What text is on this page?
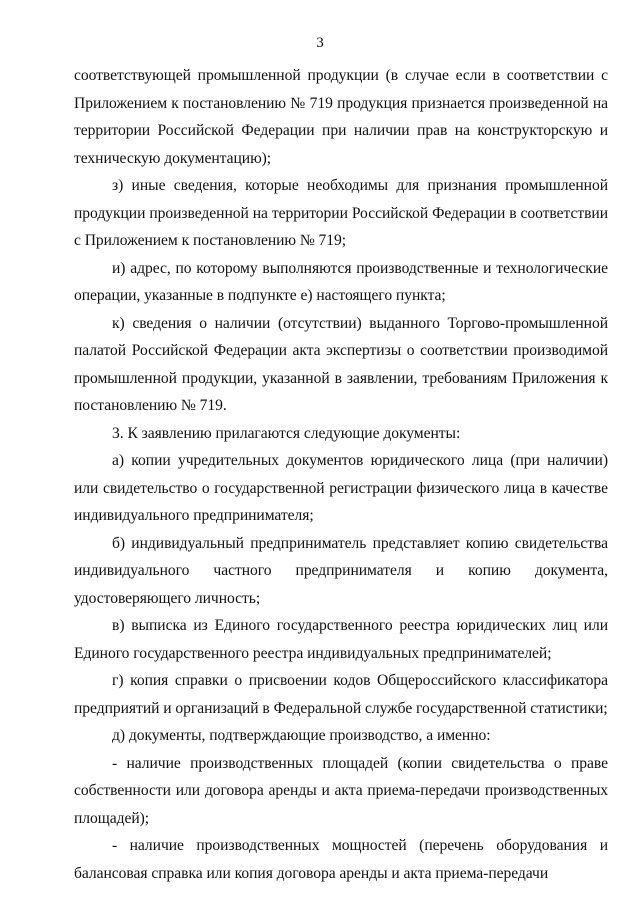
3

соответствующей промышленной продукции (в случае если в соответствии с Приложением к постановлению № 719 продукция признается произведенной на территории Российской Федерации при наличии прав на конструкторскую и техническую документацию);

з) иные сведения, которые необходимы для признания промышленной продукции произведенной на территории Российской Федерации в соответствии с Приложением к постановлению № 719;

и) адрес, по которому выполняются производственные и технологические операции, указанные в подпункте е) настоящего пункта;

к) сведения о наличии (отсутствии) выданного Торгово-промышленной палатой Российской Федерации акта экспертизы о соответствии производимой промышленной продукции, указанной в заявлении, требованиям Приложения к постановлению № 719.

3. К заявлению прилагаются следующие документы:

а) копии учредительных документов юридического лица (при наличии) или свидетельство о государственной регистрации физического лица в качестве индивидуального предпринимателя;

б) индивидуальный предприниматель представляет копию свидетельства индивидуального частного предпринимателя и копию документа, удостоверяющего личность;

в) выписка из Единого государственного реестра юридических лиц или Единого государственного реестра индивидуальных предпринимателей;

г) копия справки о присвоении кодов Общероссийского классификатора предприятий и организаций в Федеральной службе государственной статистики;

д) документы, подтверждающие производство, а именно:

- наличие производственных площадей (копии свидетельства о праве собственности или договора аренды и акта приема-передачи производственных площадей);

- наличие производственных мощностей (перечень оборудования и балансовая справка или копия договора аренды и акта приема-передачи
